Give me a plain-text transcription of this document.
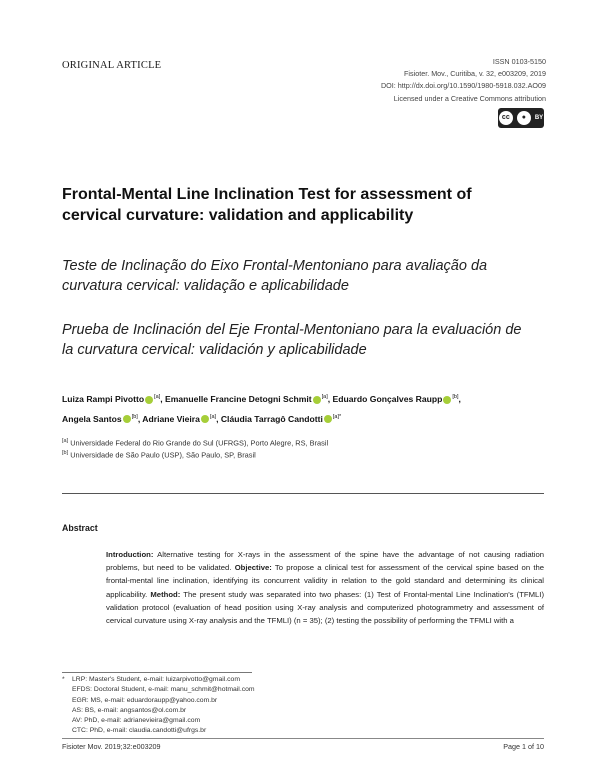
ORIGINAL ARTICLE	ISSN 0103-5150
Fisioter. Mov., Curitiba, v. 32, e003209, 2019
DOI: http://dx.doi.org/10.1590/1980-5918.032.AO09
Licensed under a Creative Commons attribution
cc	●	BY
Frontal-Mental Line Inclination Test for assessment of cervical curvature: validation and applicability
Teste de Inclinação do Eixo Frontal-Mentoniano para avaliação da curvatura cervical: validação e aplicabilidade
Prueba de Inclinación del Eje Frontal-Mentoniano para la evaluación de la curvatura cervical: validación y aplicabilidade
Luiza Rampi Pivotto [a], Emanuelle Francine Detogni Schmit [a], Eduardo Gonçalves Raupp [b],
Angela Santos [b], Adriane Vieira [a], Cláudia Tarragô Candotti $^{[a]*}$
[a] Universidade Federal do Rio Grande do Sul (UFRGS), Porto Alegre, RS, Brasil
[b] Universidade de São Paulo (USP), São Paulo, SP, Brasil
Abstract
Introduction: Alternative testing for X-rays in the assessment of the spine have the advantage of not causing radiation problems, but need to be validated. Objective: To propose a clinical test for assessment of the cervical spine based on the frontal-mental line inclination, identifying its concurrent validity in relation to the gold standard and determining its clinical applicability. Method: The present study was separated into two phases: (1) Test of Frontal-mental Line Inclination's (TFMLI) validation protocol (evaluation of head position using X-ray analysis and computerized photogrammetry and assessment of cervical curvature using X-ray analysis and the TFMLI) (n = 35); (2) testing the possibility of performing the TFMLI with a
*	LRP: Master's Student, e-mail: luizarpivotto@gmail.com
EFDS: Doctoral Student, e-mail: manu_schmit@hotmail.com
EGR: MS, e-mail: eduardoraupp@yahoo.com.br
AS: BS, e-mail: angsantos@ol.com.br
AV: PhD, e-mail: adrianevieira@gmail.com
CTC: PhD, e-mail: claudia.candotti@ufrgs.br
Fisioter Mov. 2019;32:e003209	Page 1 of 10
